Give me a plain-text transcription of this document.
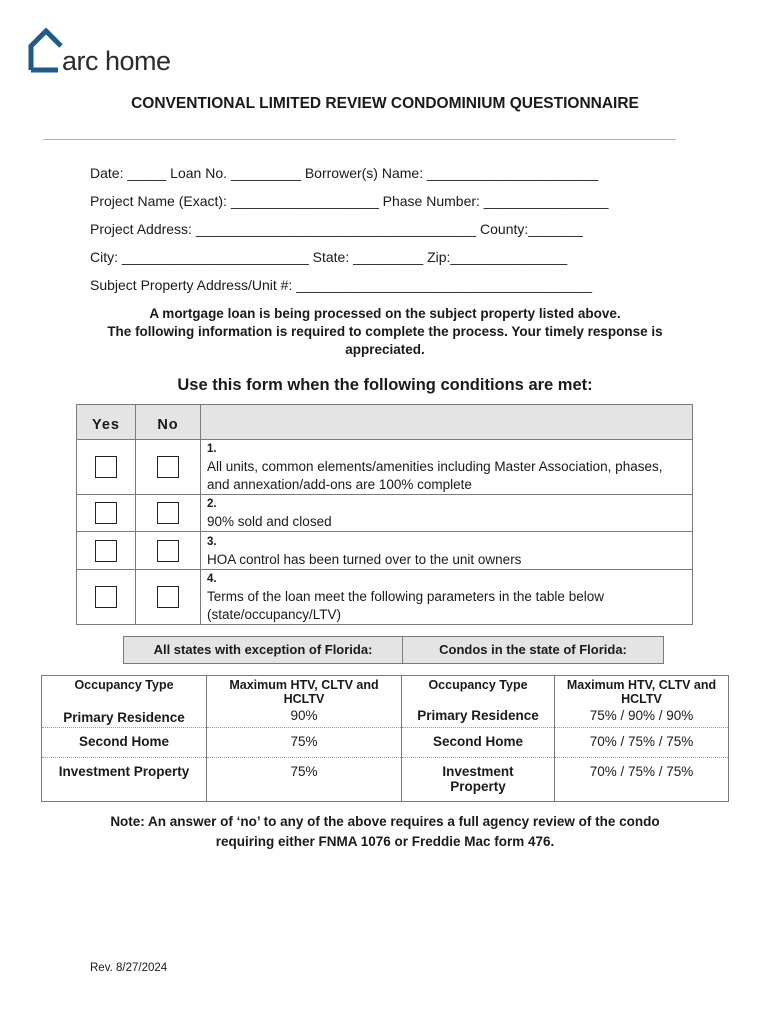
arc home
CONVENTIONAL LIMITED REVIEW CONDOMINIUM QUESTIONNAIRE
Date: _____ Loan No. _________ Borrower(s) Name: ______________________
Project Name (Exact): ___________________ Phase Number: ________________
Project Address: ____________________________________ County:_______
City: ________________________ State: _________ Zip:_______________
Subject Property Address/Unit #: ______________________________________
A mortgage loan is being processed on the subject property listed above.
The following information is required to complete the process. Your timely response is
appreciated.
Use this form when the following conditions are met:
Yes	No	

	1.All units, common elements/amenities including Master Association, phases, and annexation/add-ons are 100% complete

	2.90% sold and closed

	3.HOA control has been turned over to the unit owners

	4.Terms of the loan meet the following parameters in the table below (state/occupancy/LTV)
All states with exception of Florida:	Condos in the state of Florida:
Occupancy Type	Maximum HTV, CLTV and HCLTV	Occupancy Type	Maximum HTV, CLTV and HCLTV
Primary Residence	90%	Primary Residence	75% / 90% / 90%
Second Home	75%	Second Home	70% / 75% / 75%
Investment Property	75%	Investment Property	70% / 75% / 75%
Note: An answer of ‘no’ to any of the above requires a full agency review of the condo
requiring either FNMA 1076 or Freddie Mac form 476.
Rev. 8/27/2024
